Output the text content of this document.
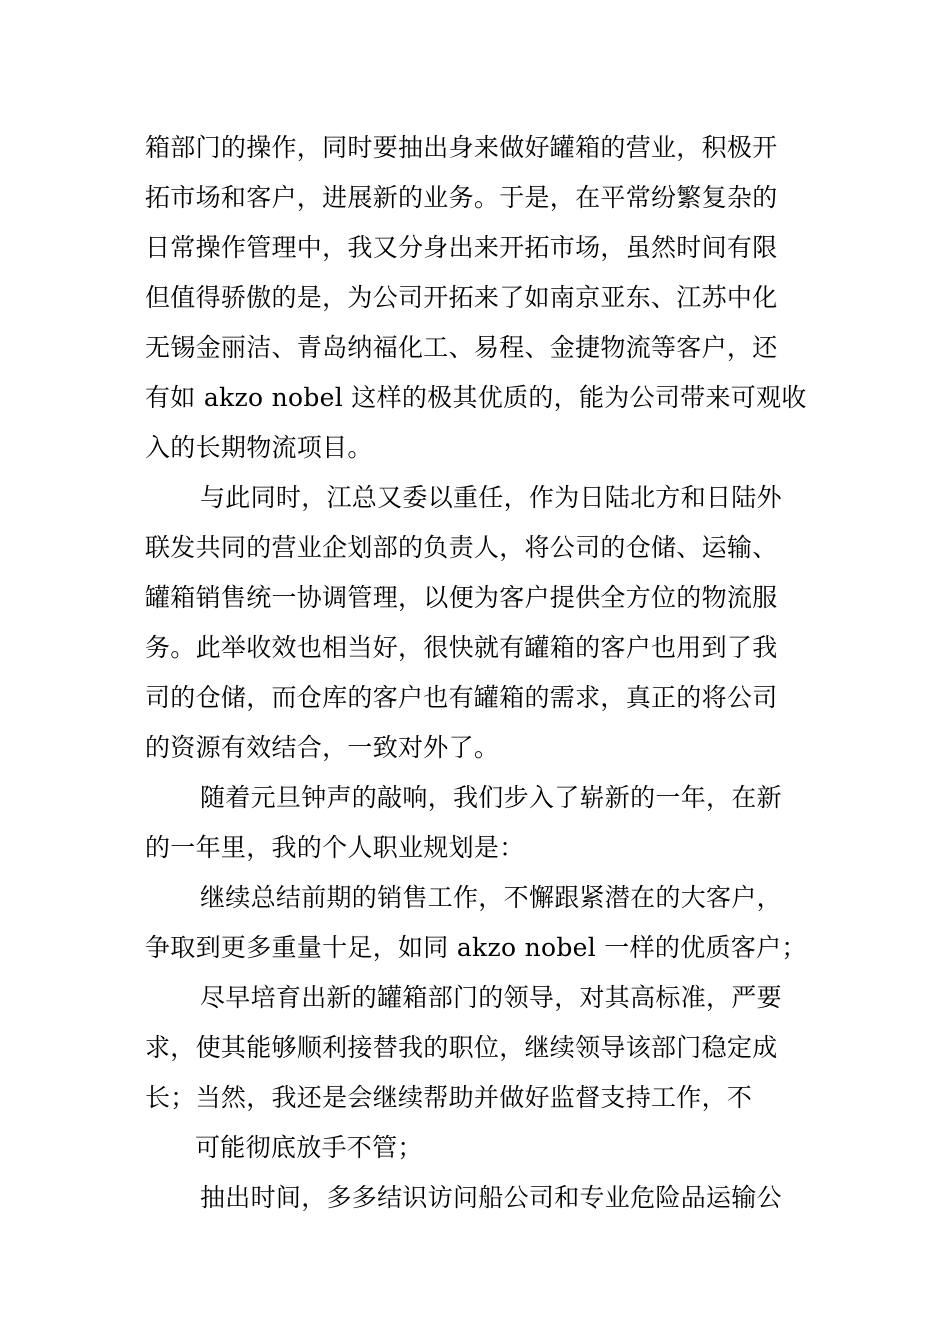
箱部门的操作，同时要抽出身来做好罐箱的营业，积极开
拓市场和客户，进展新的业务。于是，在平常纷繁复杂的
日常操作管理中，我又分身出来开拓市场，虽然时间有限
但值得骄傲的是，为公司开拓来了如南京亚东、江苏中化
无锡金丽洁、青岛纳福化工、易程、金捷物流等客户，还
有如 akzo nobel 这样的极其优质的，能为公司带来可观收
入的长期物流项目。
与此同时，江总又委以重任，作为日陆北方和日陆外
联发共同的营业企划部的负责人，将公司的仓储、运输、
罐箱销售统一协调管理，以便为客户提供全方位的物流服
务。此举收效也相当好，很快就有罐箱的客户也用到了我
司的仓储，而仓库的客户也有罐箱的需求，真正的将公司
的资源有效结合，一致对外了。
随着元旦钟声的敲响，我们步入了崭新的一年，在新
的一年里，我的个人职业规划是：
继续总结前期的销售工作，不懈跟紧潜在的大客户，
争取到更多重量十足，如同 akzo nobel 一样的优质客户；
尽早培育出新的罐箱部门的领导，对其高标准，严要
求，使其能够顺利接替我的职位，继续领导该部门稳定成
长；当然，我还是会继续帮助并做好监督支持工作，不
可能彻底放手不管；
抽出时间，多多结识访问船公司和专业危险品运输公
